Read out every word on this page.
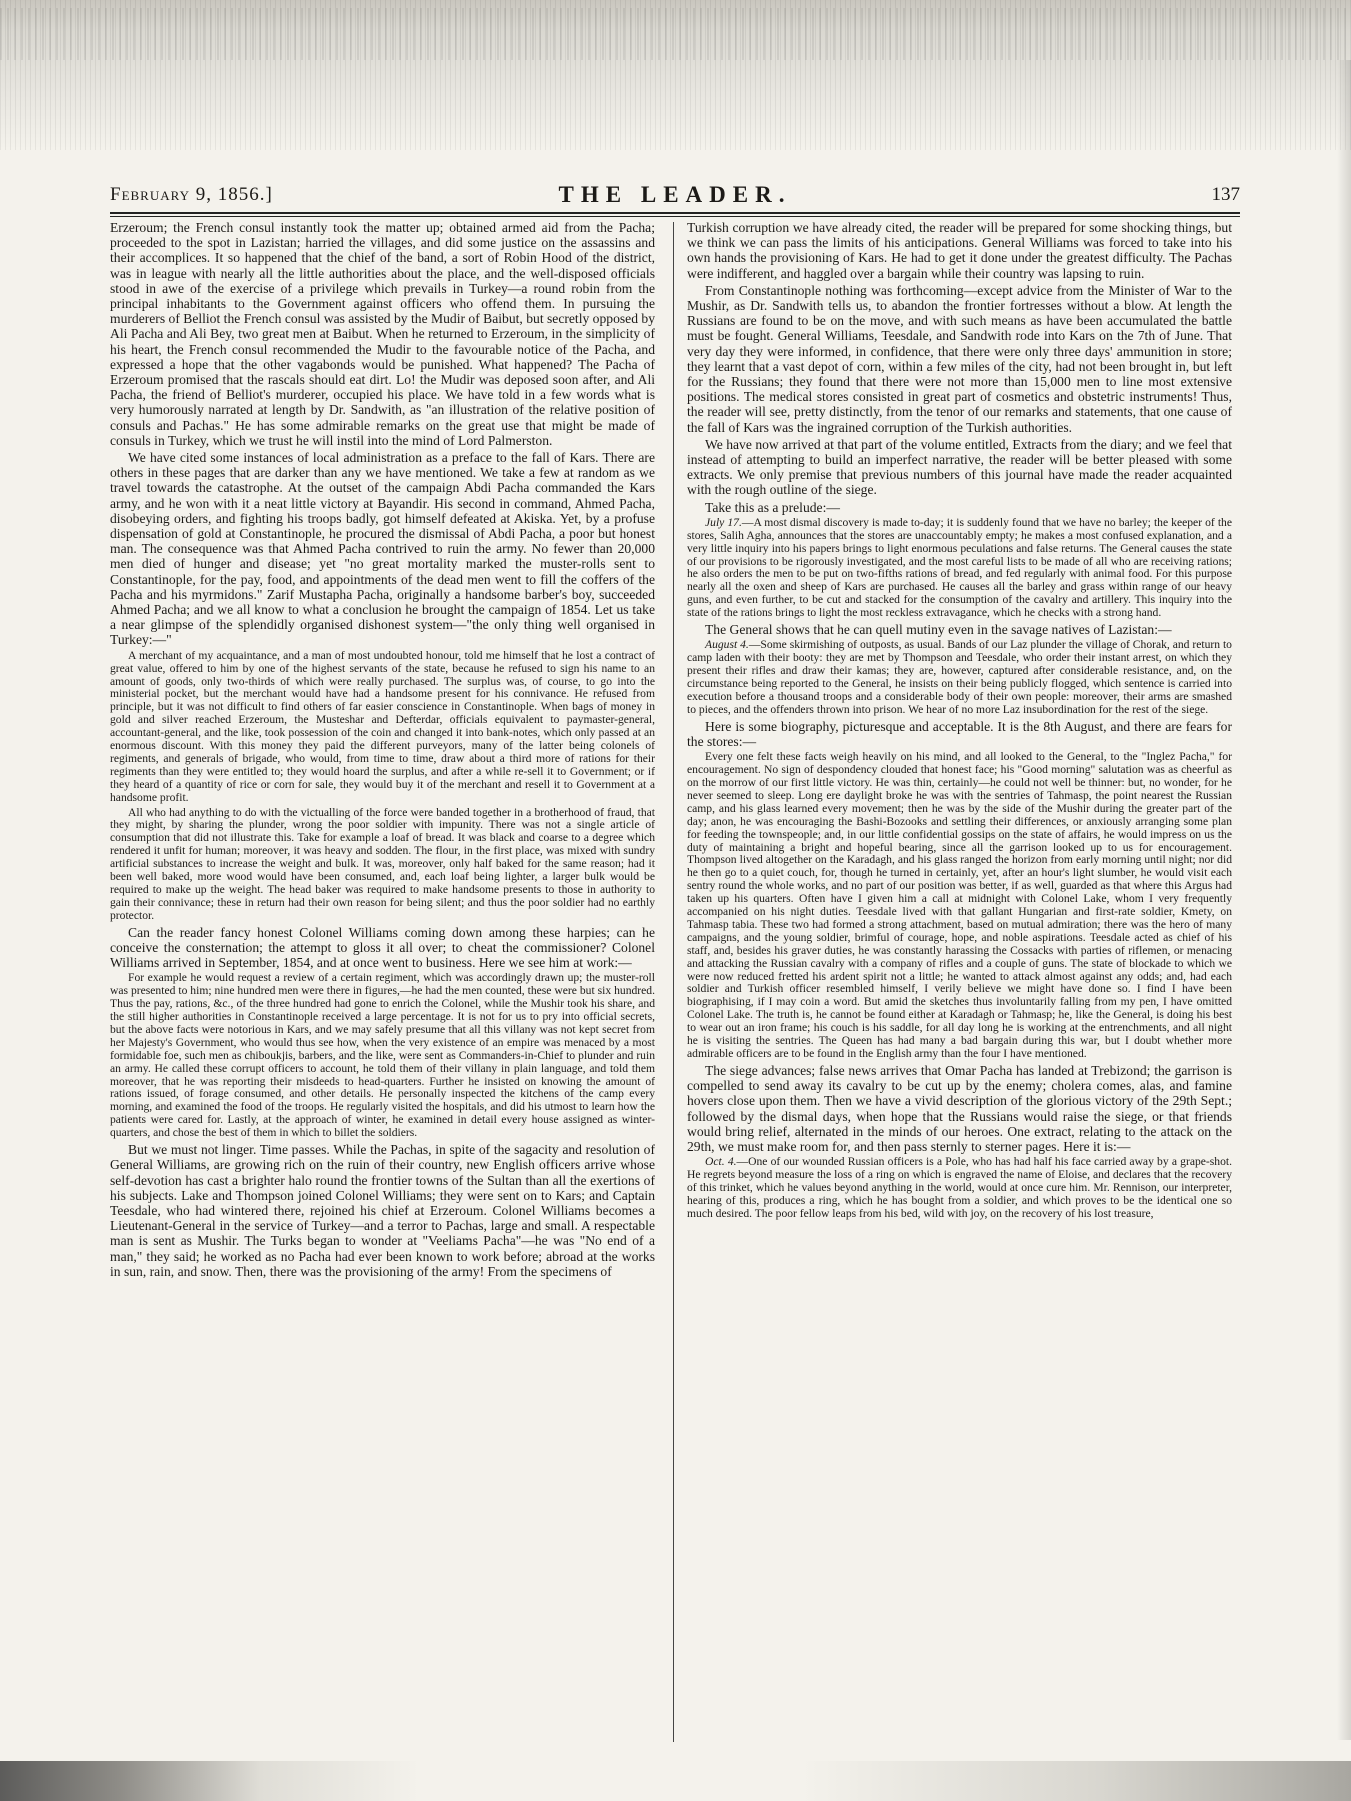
February 9, 1856.]	THE LEADER.	137

Erzeroum; the French consul instantly took the matter up; obtained armed aid from the Pacha; proceeded to the spot in Lazistan; harried the villages, and did some justice on the assassins and their accomplices. It so happened that the chief of the band, a sort of Robin Hood of the district, was in league with nearly all the little authorities about the place, and the well-disposed officials stood in awe of the exercise of a privilege which prevails in Turkey—a round robin from the principal inhabitants to the Government against officers who offend them. In pursuing the murderers of Belliot the French consul was assisted by the Mudir of Baibut, but secretly opposed by Ali Pacha and Ali Bey, two great men at Baibut. When he returned to Erzeroum, in the simplicity of his heart, the French consul recommended the Mudir to the favourable notice of the Pacha, and expressed a hope that the other vagabonds would be punished. What happened? The Pacha of Erzeroum promised that the rascals should eat dirt. Lo! the Mudir was deposed soon after, and Ali Pacha, the friend of Belliot's murderer, occupied his place. We have told in a few words what is very humorously narrated at length by Dr. Sandwith, as "an illustration of the relative position of consuls and Pachas." He has some admirable remarks on the great use that might be made of consuls in Turkey, which we trust he will instil into the mind of Lord Palmerston.

We have cited some instances of local administration as a preface to the fall of Kars. There are others in these pages that are darker than any we have mentioned. We take a few at random as we travel towards the catastrophe. At the outset of the campaign Abdi Pacha commanded the Kars army, and he won with it a neat little victory at Bayandir. His second in command, Ahmed Pacha, disobeying orders, and fighting his troops badly, got himself defeated at Akiska. Yet, by a profuse dispensation of gold at Constantinople, he procured the dismissal of Abdi Pacha, a poor but honest man. The consequence was that Ahmed Pacha contrived to ruin the army. No fewer than 20,000 men died of hunger and disease; yet "no great mortality marked the muster-rolls sent to Constantinople, for the pay, food, and appointments of the dead men went to fill the coffers of the Pacha and his myrmidons." Zarif Mustapha Pacha, originally a handsome barber's boy, succeeded Ahmed Pacha; and we all know to what a conclusion he brought the campaign of 1854. Let us take a near glimpse of the splendidly organised dishonest system—"the only thing well organised in Turkey:—"

A merchant of my acquaintance, and a man of most undoubted honour, told me himself that he lost a contract of great value, offered to him by one of the highest servants of the state, because he refused to sign his name to an amount of goods, only two-thirds of which were really purchased. The surplus was, of course, to go into the ministerial pocket, but the merchant would have had a handsome present for his connivance. He refused from principle, but it was not difficult to find others of far easier conscience in Constantinople. When bags of money in gold and silver reached Erzeroum, the Musteshar and Defterdar, officials equivalent to paymaster-general, accountant-general, and the like, took possession of the coin and changed it into bank-notes, which only passed at an enormous discount. With this money they paid the different purveyors, many of the latter being colonels of regiments, and generals of brigade, who would, from time to time, draw about a third more of rations for their regiments than they were entitled to; they would hoard the surplus, and after a while re-sell it to Government; or if they heard of a quantity of rice or corn for sale, they would buy it of the merchant and resell it to Government at a handsome profit.

All who had anything to do with the victualling of the force were banded together in a brotherhood of fraud, that they might, by sharing the plunder, wrong the poor soldier with impunity. There was not a single article of consumption that did not illustrate this. Take for example a loaf of bread. It was black and coarse to a degree which rendered it unfit for human; moreover, it was heavy and sodden. The flour, in the first place, was mixed with sundry artificial substances to increase the weight and bulk. It was, moreover, only half baked for the same reason; had it been well baked, more wood would have been consumed, and, each loaf being lighter, a larger bulk would be required to make up the weight. The head baker was required to make handsome presents to those in authority to gain their connivance; these in return had their own reason for being silent; and thus the poor soldier had no earthly protector.

Can the reader fancy honest Colonel Williams coming down among these harpies; can he conceive the consternation; the attempt to gloss it all over; to cheat the commissioner? Colonel Williams arrived in September, 1854, and at once went to business. Here we see him at work:—

For example he would request a review of a certain regiment, which was accordingly drawn up; the muster-roll was presented to him; nine hundred men were there in figures,—he had the men counted, these were but six hundred. Thus the pay, rations, &c., of the three hundred had gone to enrich the Colonel, while the Mushir took his share, and the still higher authorities in Constantinople received a large percentage. It is not for us to pry into official secrets, but the above facts were notorious in Kars, and we may safely presume that all this villany was not kept secret from her Majesty's Government, who would thus see how, when the very existence of an empire was menaced by a most formidable foe, such men as chiboukjis, barbers, and the like, were sent as Commanders-in-Chief to plunder and ruin an army. He called these corrupt officers to account, he told them of their villany in plain language, and told them moreover, that he was reporting their misdeeds to head-quarters. Further he insisted on knowing the amount of rations issued, of forage consumed, and other details. He personally inspected the kitchens of the camp every morning, and examined the food of the troops. He regularly visited the hospitals, and did his utmost to learn how the patients were cared for. Lastly, at the approach of winter, he examined in detail every house assigned as winter-quarters, and chose the best of them in which to billet the soldiers.

But we must not linger. Time passes. While the Pachas, in spite of the sagacity and resolution of General Williams, are growing rich on the ruin of their country, new English officers arrive whose self-devotion has cast a brighter halo round the frontier towns of the Sultan than all the exertions of his subjects. Lake and Thompson joined Colonel Williams; they were sent on to Kars; and Captain Teesdale, who had wintered there, rejoined his chief at Erzeroum. Colonel Williams becomes a Lieutenant-General in the service of Turkey—and a terror to Pachas, large and small. A respectable man is sent as Mushir. The Turks began to wonder at "Veeliams Pacha"—he was "No end of a man," they said; he worked as no Pacha had ever been known to work before; abroad at the works in sun, rain, and snow. Then, there was the provisioning of the army! From the specimens of

Turkish corruption we have already cited, the reader will be prepared for some shocking things, but we think we can pass the limits of his anticipations. General Williams was forced to take into his own hands the provisioning of Kars. He had to get it done under the greatest difficulty. The Pachas were indifferent, and haggled over a bargain while their country was lapsing to ruin.

From Constantinople nothing was forthcoming—except advice from the Minister of War to the Mushir, as Dr. Sandwith tells us, to abandon the frontier fortresses without a blow. At length the Russians are found to be on the move, and with such means as have been accumulated the battle must be fought. General Williams, Teesdale, and Sandwith rode into Kars on the 7th of June. That very day they were informed, in confidence, that there were only three days' ammunition in store; they learnt that a vast depot of corn, within a few miles of the city, had not been brought in, but left for the Russians; they found that there were not more than 15,000 men to line most extensive positions. The medical stores consisted in great part of cosmetics and obstetric instruments! Thus, the reader will see, pretty distinctly, from the tenor of our remarks and statements, that one cause of the fall of Kars was the ingrained corruption of the Turkish authorities.

We have now arrived at that part of the volume entitled, Extracts from the diary; and we feel that instead of attempting to build an imperfect narrative, the reader will be better pleased with some extracts. We only premise that previous numbers of this journal have made the reader acquainted with the rough outline of the siege.

Take this as a prelude:—

July 17.—A most dismal discovery is made to-day; it is suddenly found that we have no barley; the keeper of the stores, Salih Agha, announces that the stores are unaccountably empty; he makes a most confused explanation, and a very little inquiry into his papers brings to light enormous peculations and false returns. The General causes the state of our provisions to be rigorously investigated, and the most careful lists to be made of all who are receiving rations; he also orders the men to be put on two-fifths rations of bread, and fed regularly with animal food. For this purpose nearly all the oxen and sheep of Kars are purchased. He causes all the barley and grass within range of our heavy guns, and even further, to be cut and stacked for the consumption of the cavalry and artillery. This inquiry into the state of the rations brings to light the most reckless extravagance, which he checks with a strong hand.

The General shows that he can quell mutiny even in the savage natives of Lazistan:—

August 4.—Some skirmishing of outposts, as usual. Bands of our Laz plunder the village of Chorak, and return to camp laden with their booty: they are met by Thompson and Teesdale, who order their instant arrest, on which they present their rifles and draw their kamas; they are, however, captured after considerable resistance, and, on the circumstance being reported to the General, he insists on their being publicly flogged, which sentence is carried into execution before a thousand troops and a considerable body of their own people: moreover, their arms are smashed to pieces, and the offenders thrown into prison. We hear of no more Laz insubordination for the rest of the siege.

Here is some biography, picturesque and acceptable. It is the 8th August, and there are fears for the stores:—

Every one felt these facts weigh heavily on his mind, and all looked to the General, to the "Inglez Pacha," for encouragement. No sign of despondency clouded that honest face; his "Good morning" salutation was as cheerful as on the morrow of our first little victory. He was thin, certainly—he could not well be thinner: but, no wonder, for he never seemed to sleep. Long ere daylight broke he was with the sentries of Tahmasp, the point nearest the Russian camp, and his glass learned every movement; then he was by the side of the Mushir during the greater part of the day; anon, he was encouraging the Bashi-Bozooks and settling their differences, or anxiously arranging some plan for feeding the townspeople; and, in our little confidential gossips on the state of affairs, he would impress on us the duty of maintaining a bright and hopeful bearing, since all the garrison looked up to us for encouragement. Thompson lived altogether on the Karadagh, and his glass ranged the horizon from early morning until night; nor did he then go to a quiet couch, for, though he turned in certainly, yet, after an hour's light slumber, he would visit each sentry round the whole works, and no part of our position was better, if as well, guarded as that where this Argus had taken up his quarters. Often have I given him a call at midnight with Colonel Lake, whom I very frequently accompanied on his night duties. Teesdale lived with that gallant Hungarian and first-rate soldier, Kmety, on Tahmasp tabia. These two had formed a strong attachment, based on mutual admiration; there was the hero of many campaigns, and the young soldier, brimful of courage, hope, and noble aspirations. Teesdale acted as chief of his staff, and, besides his graver duties, he was constantly harassing the Cossacks with parties of riflemen, or menacing and attacking the Russian cavalry with a company of rifles and a couple of guns. The state of blockade to which we were now reduced fretted his ardent spirit not a little; he wanted to attack almost against any odds; and, had each soldier and Turkish officer resembled himself, I verily believe we might have done so. I find I have been biographising, if I may coin a word. But amid the sketches thus involuntarily falling from my pen, I have omitted Colonel Lake. The truth is, he cannot be found either at Karadagh or Tahmasp; he, like the General, is doing his best to wear out an iron frame; his couch is his saddle, for all day long he is working at the entrenchments, and all night he is visiting the sentries. The Queen has had many a bad bargain during this war, but I doubt whether more admirable officers are to be found in the English army than the four I have mentioned.

The siege advances; false news arrives that Omar Pacha has landed at Trebizond; the garrison is compelled to send away its cavalry to be cut up by the enemy; cholera comes, alas, and famine hovers close upon them. Then we have a vivid description of the glorious victory of the 29th Sept.; followed by the dismal days, when hope that the Russians would raise the siege, or that friends would bring relief, alternated in the minds of our heroes. One extract, relating to the attack on the 29th, we must make room for, and then pass sternly to sterner pages. Here it is:—

Oct. 4.—One of our wounded Russian officers is a Pole, who has had half his face carried away by a grape-shot. He regrets beyond measure the loss of a ring on which is engraved the name of Eloise, and declares that the recovery of this trinket, which he values beyond anything in the world, would at once cure him. Mr. Rennison, our interpreter, hearing of this, produces a ring, which he has bought from a soldier, and which proves to be the identical one so much desired. The poor fellow leaps from his bed, wild with joy, on the recovery of his lost treasure,
